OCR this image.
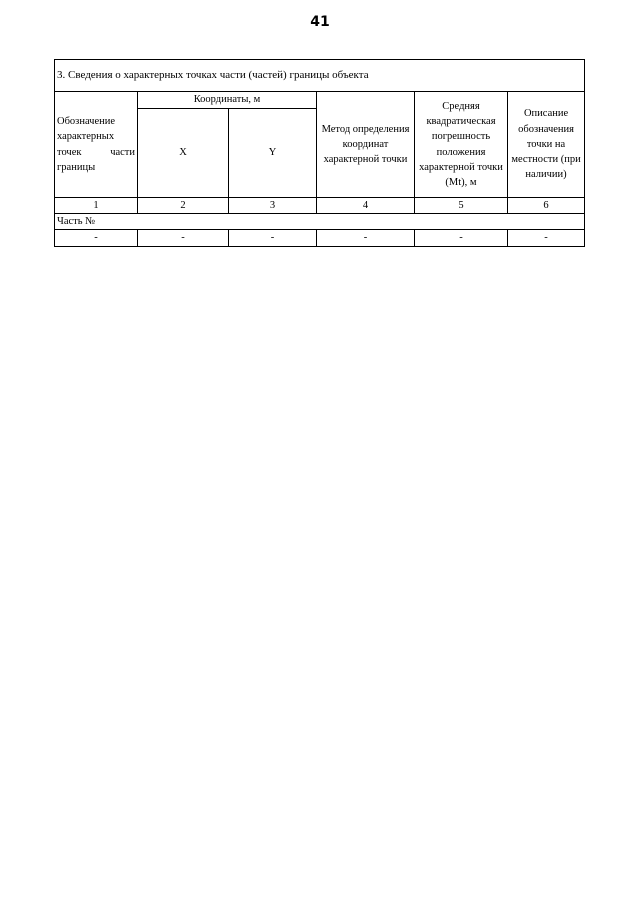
41
3. Сведения о характерных точках части (частей) границы объекта					
Обозначение характерных точек части границы	Координаты, м		Метод определения координат характерной точки	Средняя квадратическая погрешность положения характерной точки (Mt), м	Описание обозначения точки на местности (при наличии)
	X	Y			
1	2	3	4	5	6
Часть №					
-	-	-	-	-	-
